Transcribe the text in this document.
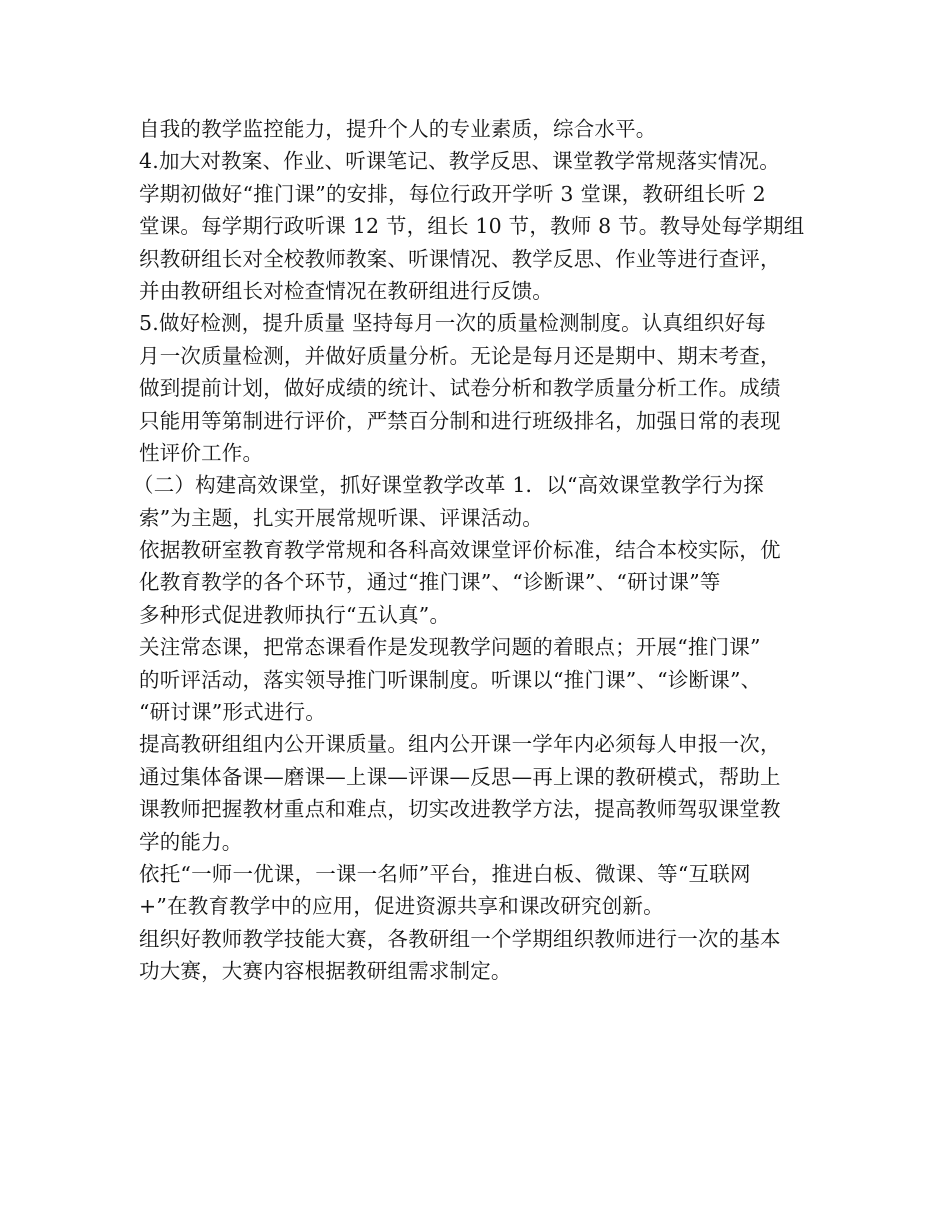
自我的教学监控能力，提升个人的专业素质，综合水平。
4.加大对教案、作业、听课笔记、教学反思、课堂教学常规落实情况。
学期初做好“推门课”的安排，每位行政开学听 3 堂课，教研组长听 2
堂课。每学期行政听课 12 节，组长 10 节，教师 8 节。教导处每学期组
织教研组长对全校教师教案、听课情况、教学反思、作业等进行查评，
并由教研组长对检查情况在教研组进行反馈。
5.做好检测，提升质量 坚持每月一次的质量检测制度。认真组织好每
月一次质量检测，并做好质量分析。无论是每月还是期中、期末考查，
做到提前计划，做好成绩的统计、试卷分析和教学质量分析工作。成绩
只能用等第制进行评价，严禁百分制和进行班级排名，加强日常的表现
性评价工作。
（二）构建高效课堂，抓好课堂教学改革 1．以“高效课堂教学行为探
索”为主题，扎实开展常规听课、评课活动。
依据教研室教育教学常规和各科高效课堂评价标准，结合本校实际，优
化教育教学的各个环节，通过“推门课”、“诊断课”、“研讨课”等
多种形式促进教师执行“五认真”。
关注常态课，把常态课看作是发现教学问题的着眼点；开展“推门课”
的听评活动，落实领导推门听课制度。听课以“推门课”、“诊断课”、
“研讨课”形式进行。
提高教研组组内公开课质量。组内公开课一学年内必须每人申报一次，
通过集体备课—磨课—上课—评课—反思—再上课的教研模式，帮助上
课教师把握教材重点和难点，切实改进教学方法，提高教师驾驭课堂教
学的能力。
依托“一师一优课，一课一名师”平台，推进白板、微课、等“互联网
+”在教育教学中的应用，促进资源共享和课改研究创新。
组织好教师教学技能大赛，各教研组一个学期组织教师进行一次的基本
功大赛，大赛内容根据教研组需求制定。
